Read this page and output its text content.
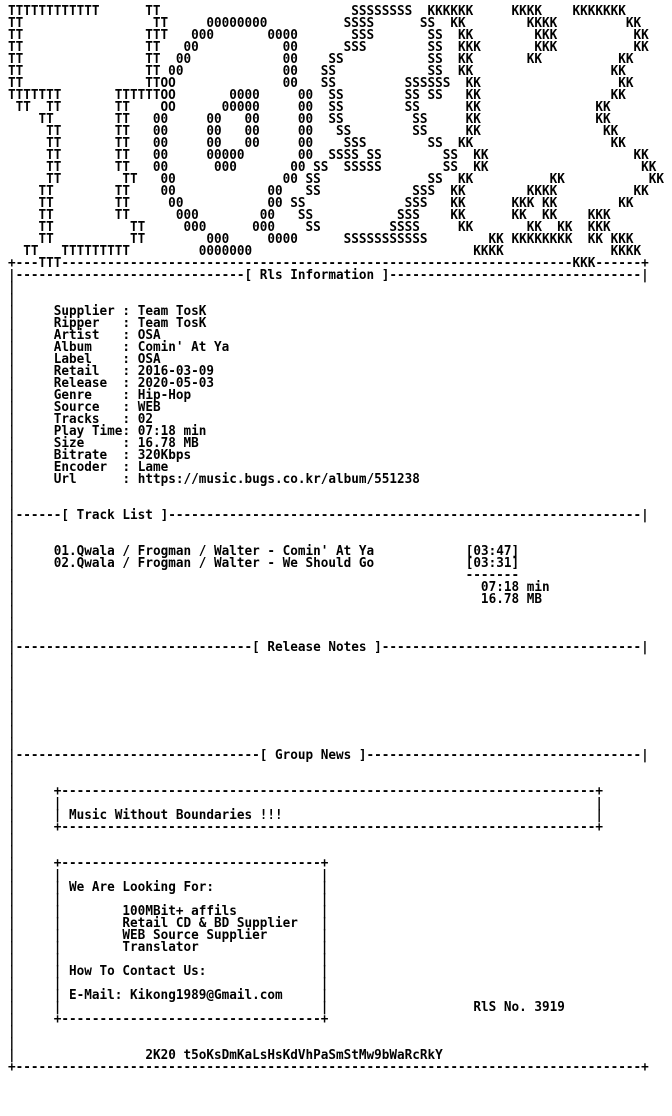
TTTTTTTTTTTT      TT                         SSSSSSSS  KKKKKK     KKKK    KKKKKKK
TT                 TT     00000000          SSSS      SS  KK        KKKK         KK
TT                TTT   000       0000       SSS       SS  KK        KKK          KK
TT                TT   00           00      SSS        SS  KKK       KKK          KK
TT                TT  00            00    SS           SS  KK       KK          KK
TT                TT 00             00   SS            SS  KK                  KK
TT                TTOO              00   SS         SSSSSS  KK                  KK
TTTTTTT       TTTTTTOO       0000     00  SS        SS SS   KK                 KK
TT  TT       TT    OO      00000     00  SS        SS      KK               KK
TT        TT   00     00   00     00  SS         SS     KK               KK
TT       TT   00     00   00     00   SS        SS     KK                KK
TT       TT   00     00   00     00    SSS        SS  KK                  KK
TT       TT   00     00000       00  SSSS SS        SS  KK                   KK
TT       TT   00      000       00 SS  SSSSS        SS  KK                    KK
TT        TT   00              00 SS              SS  KK          KK           KK
TT        TT    00            00   SS            SSS  KK        KKKK          KK
TT        TT     00           00 SS             SSS   KK      KKK KK        KK
TT        TT      000        00   SS           SSS    KK      KK  KK    KKK
TT          TT     000      000    SS         SSSS     KK       KK  KK  KKK
TT          TT        000     0000      SSSSSSSSSSS        KK KKKKKKKK  KK KKK
TT   TTTTTTTTT         0000000                             KKKK              KKKK
+---TTT-------------------------------------------------------------------KKK------+
|------------------------------[ Rls Information ]---------------------------------|
|
|
|     Supplier : Team TosK
|     Ripper   : Team TosK
|     Artist   : OSA
|     Album    : Comin' At Ya
|     Label    : OSA
|     Retail   : 2016-03-09
|     Release  : 2020-05-03
|     Genre    : Hip-Hop
|     Source   : WEB
|     Tracks   : 02
|     Play Time: 07:18 min
|     Size     : 16.78 MB
|     Bitrate  : 320Kbps
|     Encoder  : Lame
|     Url      : https://music.bugs.co.kr/album/551238
|
|
|------[ Track List ]--------------------------------------------------------------|
|
|
|     01.Qwala / Frogman / Walter - Comin' At Ya	[03:47]
|     02.Qwala / Frogman / Walter - We Should Go	[03:31]
|                                                           -------
|                                                             07:18 min
|                                                             16.78 MB
|
|
|
|-------------------------------[ Release Notes ]----------------------------------|
|
|
|
|
|
|
|
|
|--------------------------------[ Group News ]------------------------------------|
|
|
|     +----------------------------------------------------------------------+
|     |                                                                      |
|     | Music Without Boundaries !!!                                         |
|     +----------------------------------------------------------------------+
|
|
|     +----------------------------------+
|     |                                  |
|     | We Are Looking For:              |
|     |                                  |
|     |        100MBit+ affils           |
|     |        Retail CD & BD Supplier   |
|     |        WEB Source Supplier       |
|     |        Translator                |
|     |                                  |
|     | How To Contact Us:               |
|     |                                  |
|     | E-Mail: Kikong1989@Gmail.com     |
|     |                                  |                   RlS No. 3919
|     +----------------------------------+
|
|
|                 2K20 t5oKsDmKaLsHsKdVhPaSmStMw9bWaRcRkY
+----------------------------------------------------------------------------------+
